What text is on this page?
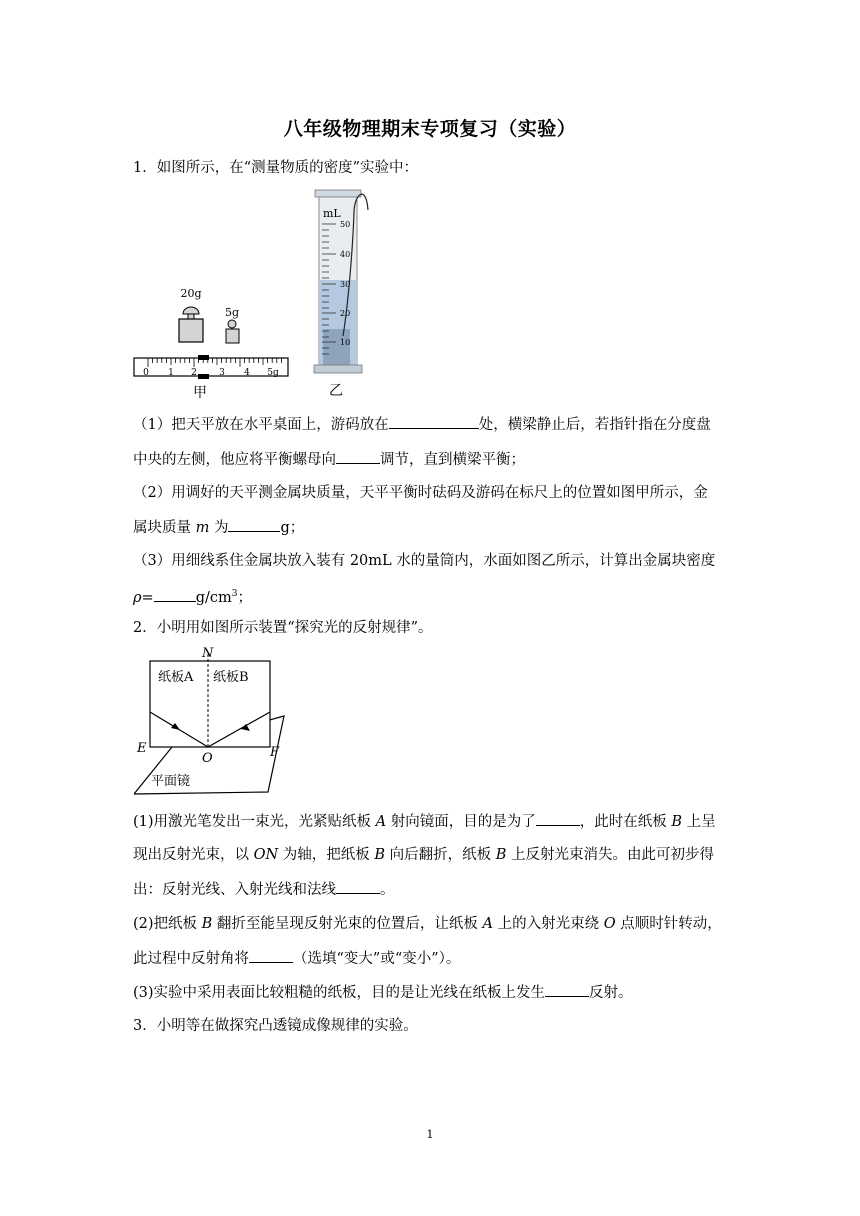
八年级物理期末专项复习（实验）
1．如图所示，在“测量物质的密度”实验中：
0 1 2 3 4 5g
20g
5g
甲
mL
50
40
30
20
10
乙
（1）把天平放在水平桌面上，游码放在	处，横梁静止后，若指针指在分度盘
中央的左侧，他应将平衡螺母向	调节，直到横梁平衡；
（2）用调好的天平测金属块质量，天平平衡时砝码及游码在标尺上的位置如图甲所示，金
属块质量 m 为	g；
（3）用细线系住金属块放入装有 20mL 水的量筒内，水面如图乙所示，计算出金属块密度
ρ=	$g/cm^3$；
2．小明用如图所示装置“探究光的反射规律”。
N
纸板A 纸板B
E	F
O
平面镜
(1)用激光笔发出一束光，光紧贴纸板 A 射向镜面，目的是为了	，此时在纸板 B 上呈
现出反射光束，以 ON 为轴，把纸板 B 向后翻折，纸板 B 上反射光束消失。由此可初步得
出：反射光线、入射光线和法线	。
(2)把纸板 B 翻折至能呈现反射光束的位置后，让纸板 A 上的入射光束绕 O 点顺时针转动，
此过程中反射角将	（选填“变大”或“变小”）。
(3)实验中采用表面比较粗糙的纸板，目的是让光线在纸板上发生	反射。
3．小明等在做探究凸透镜成像规律的实验。
1
